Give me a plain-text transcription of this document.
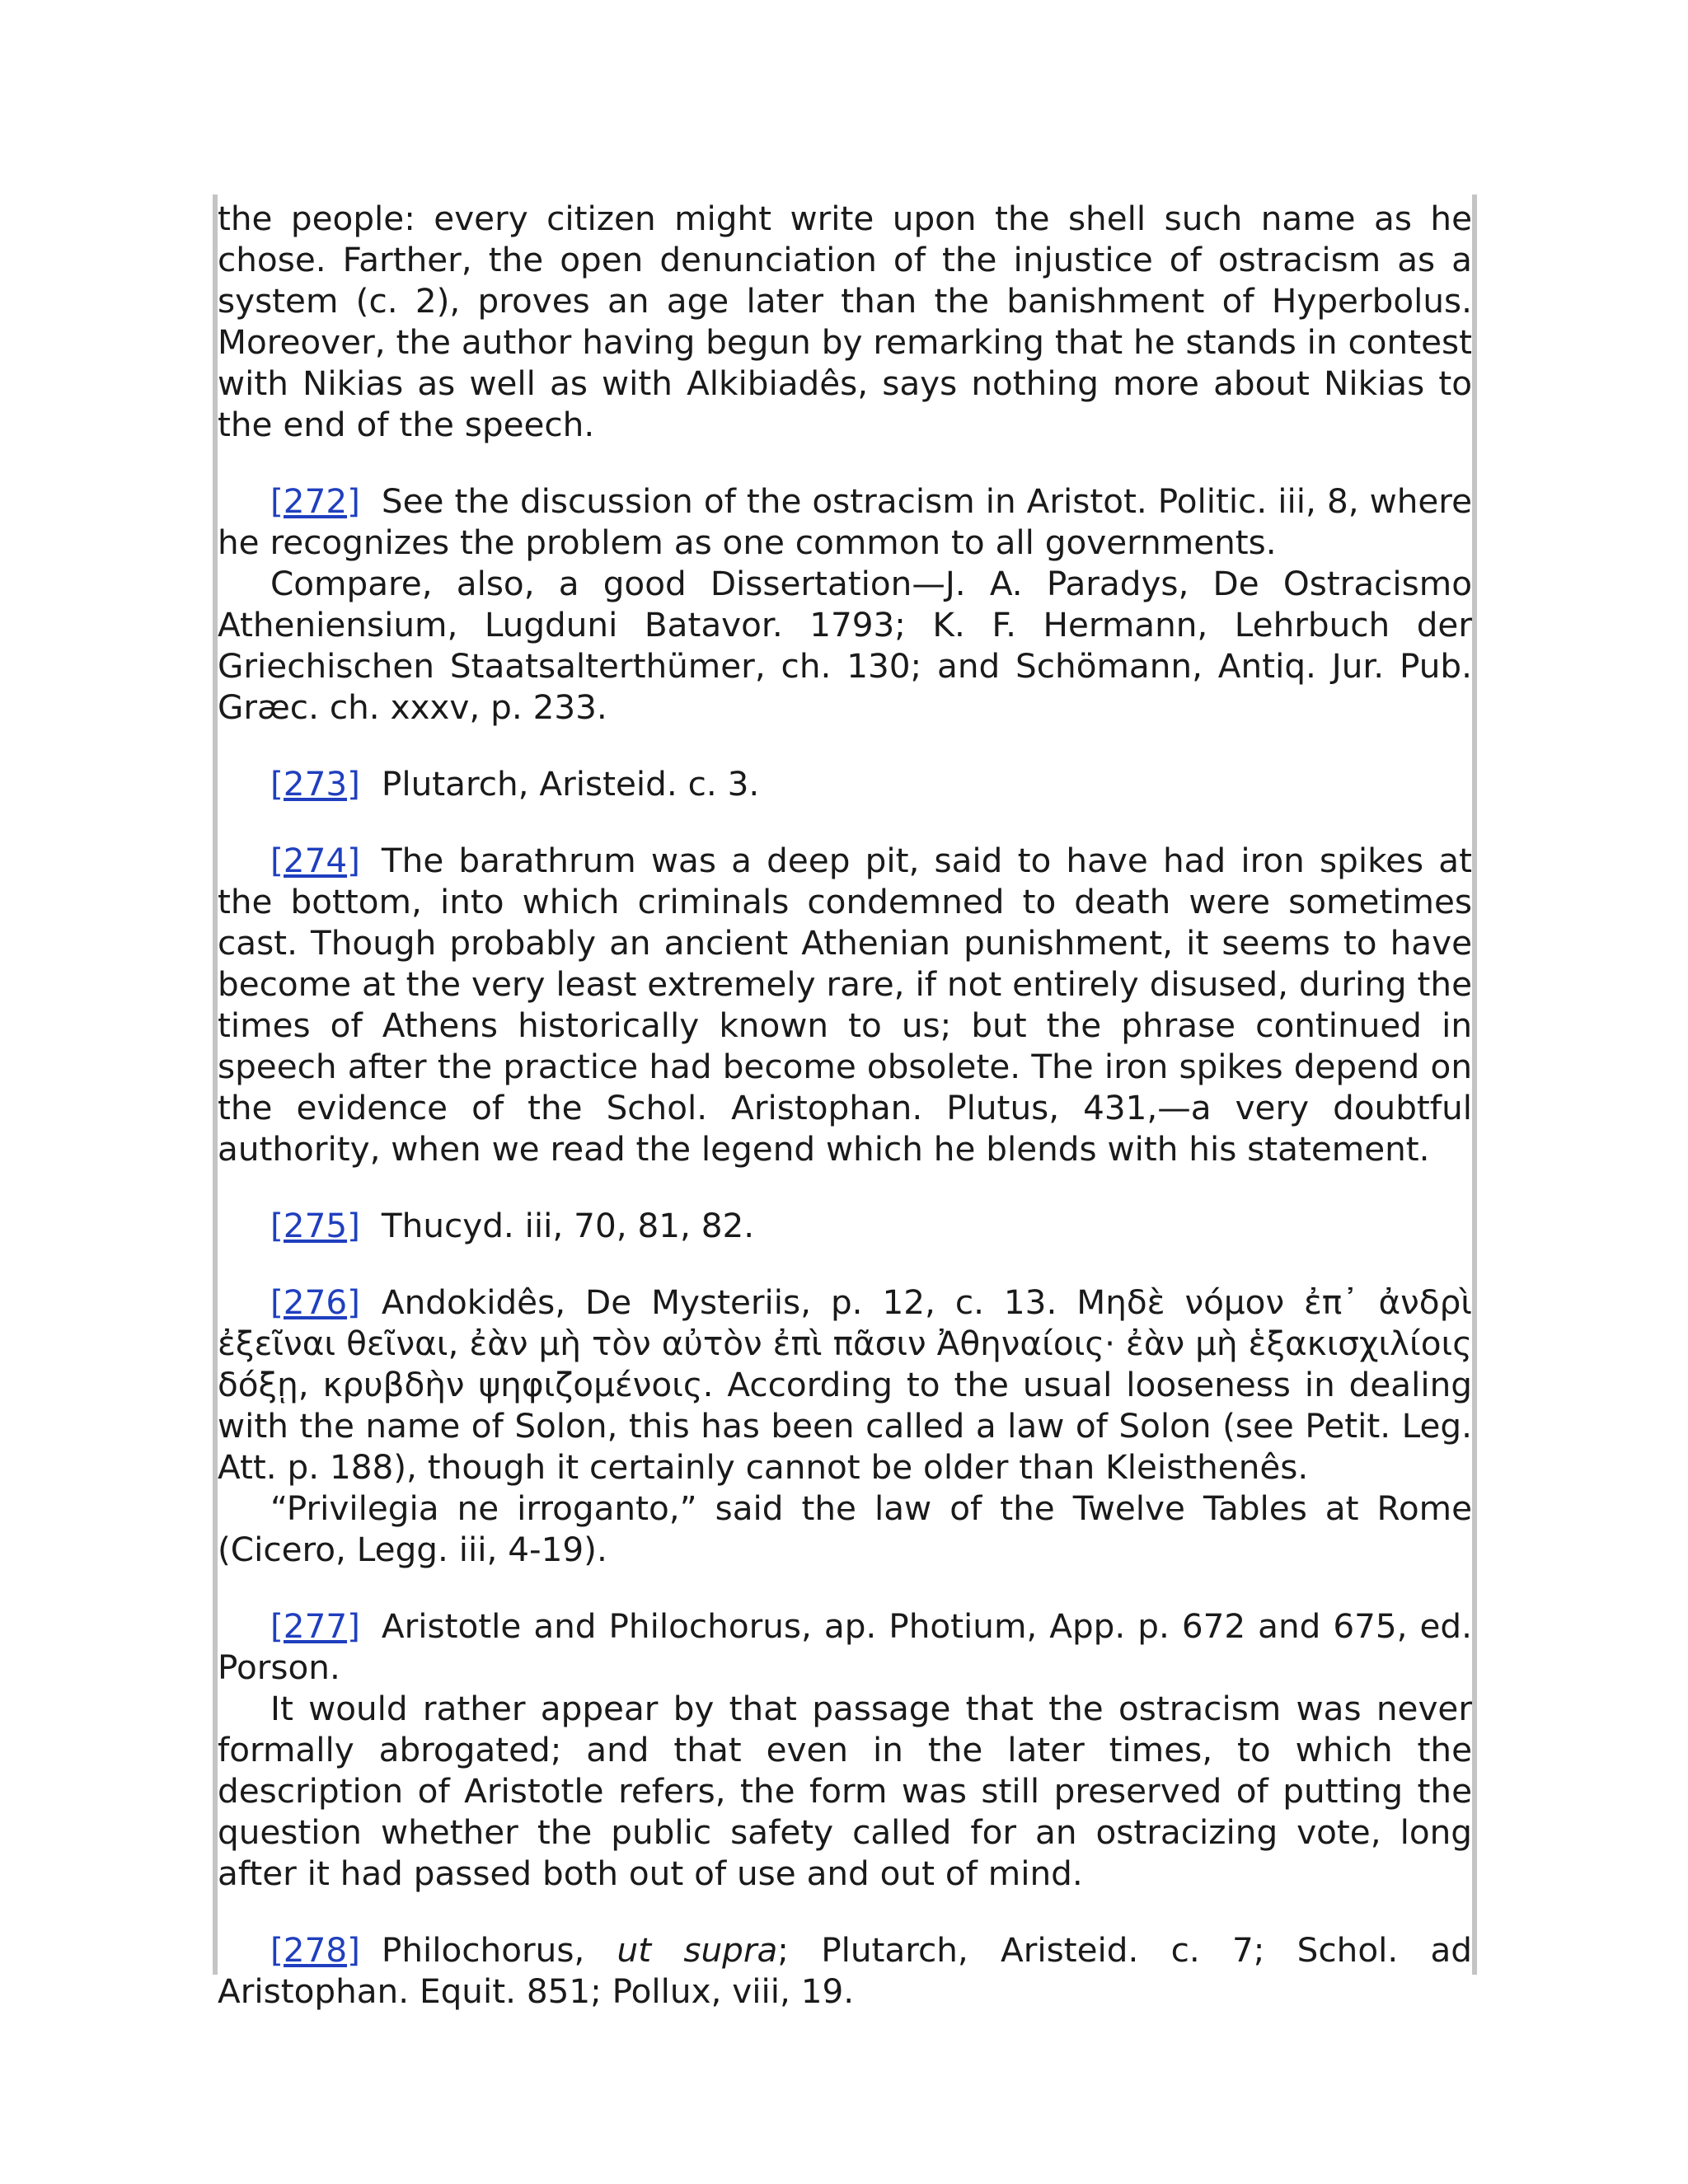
the people: every citizen might write upon the shell such name as he chose. Farther, the open denunciation of the injustice of ostracism as a system (c. 2), proves an age later than the banishment of Hyperbolus. Moreover, the author having begun by remarking that he stands in contest with Nikias as well as with Alkibiadês, says nothing more about Nikias to the end of the speech.

[272] See the discussion of the ostracism in Aristot. Politic. iii, 8, where he recognizes the problem as one common to all governments.

Compare, also, a good Dissertation—J. A. Paradys, De Ostracismo Atheniensium, Lugduni Batavor. 1793; K. F. Hermann, Lehrbuch der Griechischen Staatsalterthümer, ch. 130; and Schömann, Antiq. Jur. Pub. Græc. ch. xxxv, p. 233.

[273] Plutarch, Aristeid. c. 3.

[274] The barathrum was a deep pit, said to have had iron spikes at the bottom, into which criminals condemned to death were sometimes cast. Though probably an ancient Athenian punishment, it seems to have become at the very least extremely rare, if not entirely disused, during the times of Athens historically known to us; but the phrase continued in speech after the practice had become obsolete. The iron spikes depend on the evidence of the Schol. Aristophan. Plutus, 431,—a very doubtful authority, when we read the legend which he blends with his statement.

[275] Thucyd. iii, 70, 81, 82.

[276] Andokidês, De Mysteriis, p. 12, c. 13. Μηδὲ νόμον ἐπ᾽ ἀνδρὶ ἐξεῖναι θεῖναι, ἐὰν μὴ τὸν αὐτὸν ἐπὶ πᾶσιν Ἀθηναίοις· ἐὰν μὴ ἑξακισχιλίοις δόξῃ, κρυβδὴν ψηφιζομένοις. According to the usual looseness in dealing with the name of Solon, this has been called a law of Solon (see Petit. Leg. Att. p. 188), though it certainly cannot be older than Kleisthenês.

“Privilegia ne irroganto,” said the law of the Twelve Tables at Rome (Cicero, Legg. iii, 4-19).

[277] Aristotle and Philochorus, ap. Photium, App. p. 672 and 675, ed. Porson.

It would rather appear by that passage that the ostracism was never formally abrogated; and that even in the later times, to which the description of Aristotle refers, the form was still preserved of putting the question whether the public safety called for an ostracizing vote, long after it had passed both out of use and out of mind.

[278] Philochorus, ut supra; Plutarch, Aristeid. c. 7; Schol. ad Aristophan. Equit. 851; Pollux, viii, 19.
